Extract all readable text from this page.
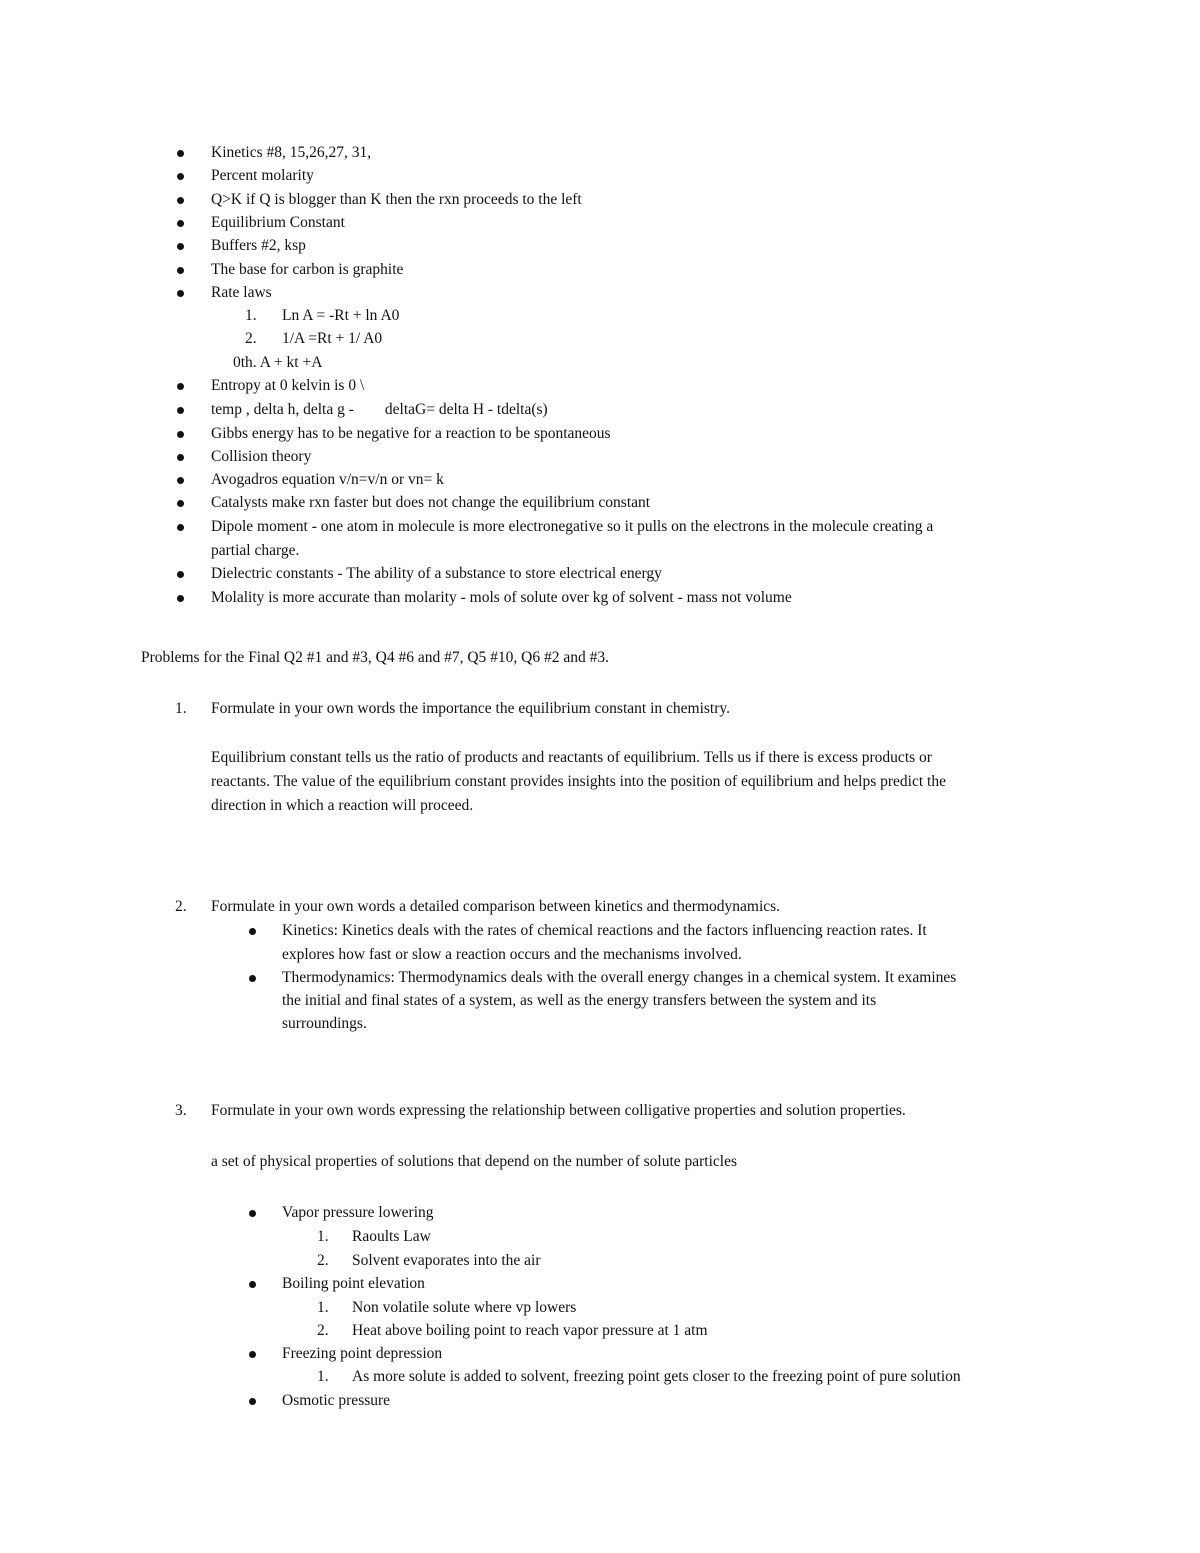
Kinetics #8, 15,26,27, 31,
Percent molarity
Q>K if Q is blogger than K then the rxn proceeds to the left
Equilibrium Constant
Buffers #2, ksp
The base for carbon is graphite
Rate laws
1. Ln A = -Rt + ln A0
2. 1/A =Rt + 1/ A0
0th. A + kt +A
Entropy at 0 kelvin is 0 \
temp , delta h, delta g -        deltaG= delta H - tdelta(s)
Gibbs energy has to be negative for a reaction to be spontaneous
Collision theory
Avogadros equation v/n=v/n or vn= k
Catalysts make rxn faster but does not change the equilibrium constant
Dipole moment - one atom in molecule is more electronegative so it pulls on the electrons in the molecule creating a
partial charge.
Dielectric constants - The ability of a substance to store electrical energy
Molality is more accurate than molarity - mols of solute over kg of solvent - mass not volume
Problems for the Final Q2 #1 and #3, Q4 #6 and #7, Q5 #10, Q6 #2 and #3.
1. Formulate in your own words the importance the equilibrium constant in chemistry.
Equilibrium constant tells us the ratio of products and reactants of equilibrium. Tells us if there is excess products or
reactants. The value of the equilibrium constant provides insights into the position of equilibrium and helps predict the
direction in which a reaction will proceed.
2. Formulate in your own words a detailed comparison between kinetics and thermodynamics.
Kinetics: Kinetics deals with the rates of chemical reactions and the factors influencing reaction rates. It
explores how fast or slow a reaction occurs and the mechanisms involved.
Thermodynamics: Thermodynamics deals with the overall energy changes in a chemical system. It examines
the initial and final states of a system, as well as the energy transfers between the system and its
surroundings.
3. Formulate in your own words expressing the relationship between colligative properties and solution properties.
a set of physical properties of solutions that depend on the number of solute particles
Vapor pressure lowering
1. Raoults Law
2. Solvent evaporates into the air
Boiling point elevation
1. Non volatile solute where vp lowers
2. Heat above boiling point to reach vapor pressure at 1 atm
Freezing point depression
1. As more solute is added to solvent, freezing point gets closer to the freezing point of pure solution
Osmotic pressure
